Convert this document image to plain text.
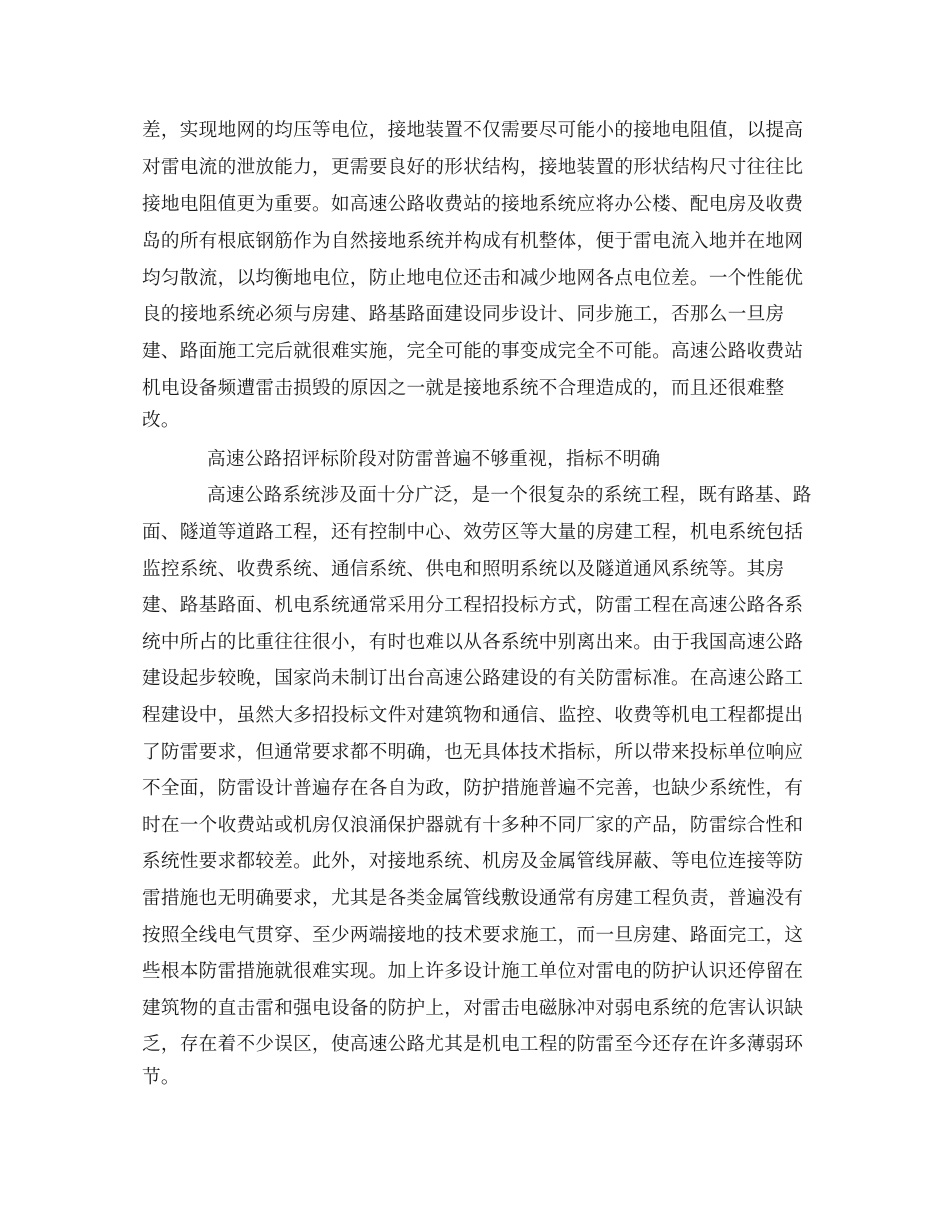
差，实现地网的均压等电位，接地装置不仅需要尽可能小的接地电阻值，以提高
对雷电流的泄放能力，更需要良好的形状结构，接地装置的形状结构尺寸往往比
接地电阻值更为重要。如高速公路收费站的接地系统应将办公楼、配电房及收费
岛的所有根底钢筋作为自然接地系统并构成有机整体，便于雷电流入地并在地网
均匀散流，以均衡地电位，防止地电位还击和减少地网各点电位差。一个性能优
良的接地系统必须与房建、路基路面建设同步设计、同步施工，否那么一旦房
建、路面施工完后就很难实施，完全可能的事变成完全不可能。高速公路收费站
机电设备频遭雷击损毁的原因之一就是接地系统不合理造成的，而且还很难整
改。
高速公路招评标阶段对防雷普遍不够重视，指标不明确
高速公路系统涉及面十分广泛，是一个很复杂的系统工程，既有路基、路
面、隧道等道路工程，还有控制中心、效劳区等大量的房建工程，机电系统包括
监控系统、收费系统、通信系统、供电和照明系统以及隧道通风系统等。其房
建、路基路面、机电系统通常采用分工程招投标方式，防雷工程在高速公路各系
统中所占的比重往往很小，有时也难以从各系统中别离出来。由于我国高速公路
建设起步较晚，国家尚未制订出台高速公路建设的有关防雷标准。在高速公路工
程建设中，虽然大多招投标文件对建筑物和通信、监控、收费等机电工程都提出
了防雷要求，但通常要求都不明确，也无具体技术指标，所以带来投标单位响应
不全面，防雷设计普遍存在各自为政，防护措施普遍不完善，也缺少系统性，有
时在一个收费站或机房仅浪涌保护器就有十多种不同厂家的产品，防雷综合性和
系统性要求都较差。此外，对接地系统、机房及金属管线屏蔽、等电位连接等防
雷措施也无明确要求，尤其是各类金属管线敷设通常有房建工程负责，普遍没有
按照全线电气贯穿、至少两端接地的技术要求施工，而一旦房建、路面完工，这
些根本防雷措施就很难实现。加上许多设计施工单位对雷电的防护认识还停留在
建筑物的直击雷和强电设备的防护上，对雷击电磁脉冲对弱电系统的危害认识缺
乏，存在着不少误区，使高速公路尤其是机电工程的防雷至今还存在许多薄弱环
节。
